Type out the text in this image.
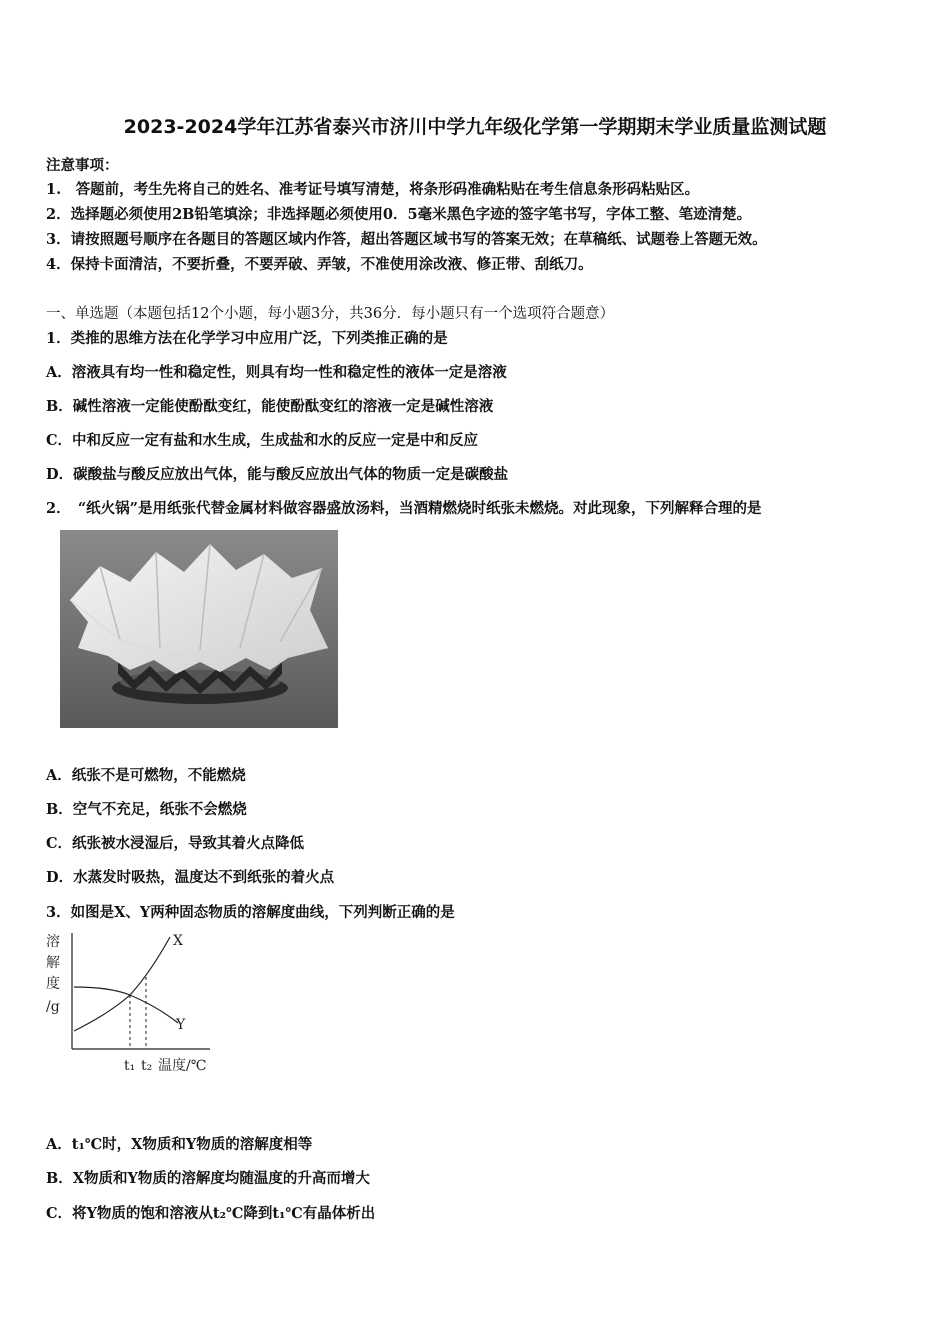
2023-2024学年江苏省泰兴市济川中学九年级化学第一学期期末学业质量监测试题
注意事项：
1.　答题前，考生先将自己的姓名、准考证号填写清楚，将条形码准确粘贴在考生信息条形码粘贴区。
2．选择题必须使用2B铅笔填涂；非选择题必须使用0．5毫米黑色字迹的签字笔书写，字体工整、笔迹清楚。
3．请按照题号顺序在各题目的答题区域内作答，超出答题区域书写的答案无效；在草稿纸、试题卷上答题无效。
4．保持卡面清洁，不要折叠，不要弄破、弄皱，不准使用涂改液、修正带、刮纸刀。
一、单选题（本题包括12个小题，每小题3分，共36分．每小题只有一个选项符合题意）
1．类推的思维方法在化学学习中应用广泛，下列类推正确的是
A．溶液具有均一性和稳定性，则具有均一性和稳定性的液体一定是溶液
B．碱性溶液一定能使酚酞变红，能使酚酞变红的溶液一定是碱性溶液
C．中和反应一定有盐和水生成，生成盐和水的反应一定是中和反应
D．碳酸盐与酸反应放出气体，能与酸反应放出气体的物质一定是碳酸盐
2．　“纸火锅”是用纸张代替金属材料做容器盛放汤料，当酒精燃烧时纸张未燃烧。对此现象，下列解释合理的是
A．纸张不是可燃物，不能燃烧
B．空气不充足，纸张不会燃烧
C．纸张被水浸湿后，导致其着火点降低
D．水蒸发时吸热，温度达不到纸张的着火点
3．如图是X、Y两种固态物质的溶解度曲线，下列判断正确的是
溶
解
度
/g
X
Y
t₁ t₂ 温度/℃
A．t₁℃时，X物质和Y物质的溶解度相等
B．X物质和Y物质的溶解度均随温度的升高而增大
C．将Y物质的饱和溶液从t₂℃降到t₁℃有晶体析出
